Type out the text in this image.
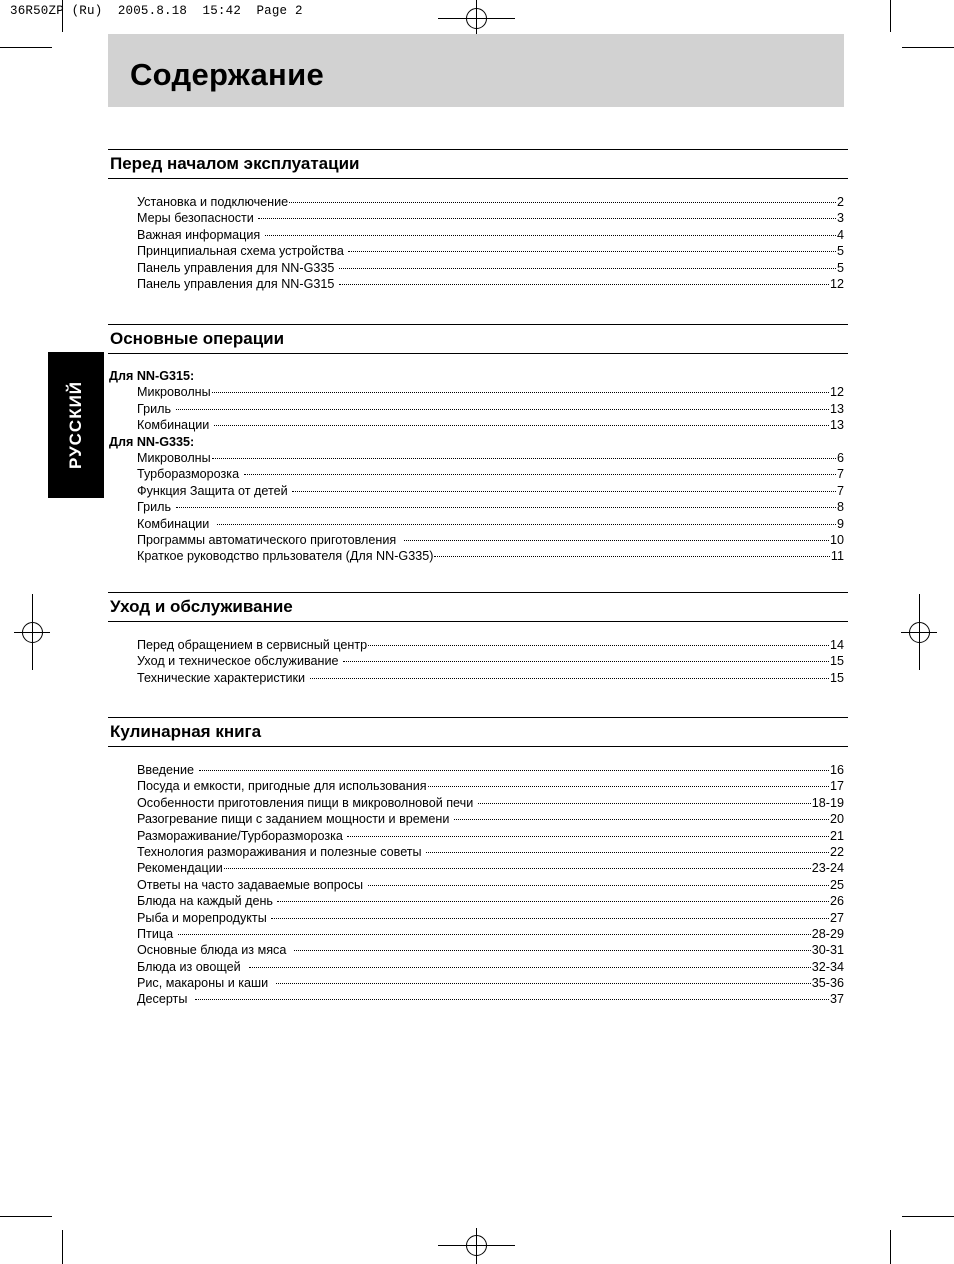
36R50ZP (Ru)  2005.8.18  15:42  Page 2
Содержание
РУССКИЙ
Перед началом эксплуатации
Установка и подключение	2
Меры безопасности	3
Важная информация	4
Принципиальная схема устройства	5
Панель управления для NN-G335	5
Панель управления для NN-G315	12
Основные операции
Для NN-G315:
Микроволны	12
Гриль	13
Комбинации	13
Для NN-G335:
Микроволны	6
Турборазморозка	7
Функция Защита от детей	7
Гриль	8
Комбинации	9
Программы автоматического приготовления	10
Краткое руководство прльзователя (Для NN-G335)	11
Уход и обслуживание
Перед обращением в сервисный центр	14
Уход и техническое обслуживание	15
Технические характеристики	15
Кулинарная книга
Введение	16
Посуда и емкости, пригодные для использования	17
Особенности приготовления пищи в микроволновой печи	18-19
Разогревание пищи с заданием мощности и времени	20
Размораживание/Турборазморозка	21
Технология размораживания и полезные советы	22
Рекомендации	23-24
Ответы на часто задаваемые вопросы	25
Блюда на каждый день	26
Рыба и морепродукты	27
Птица	28-29
Основные блюда из мяса	30-31
Блюда из овощей	32-34
Рис, макароны и каши	35-36
Десерты	37
